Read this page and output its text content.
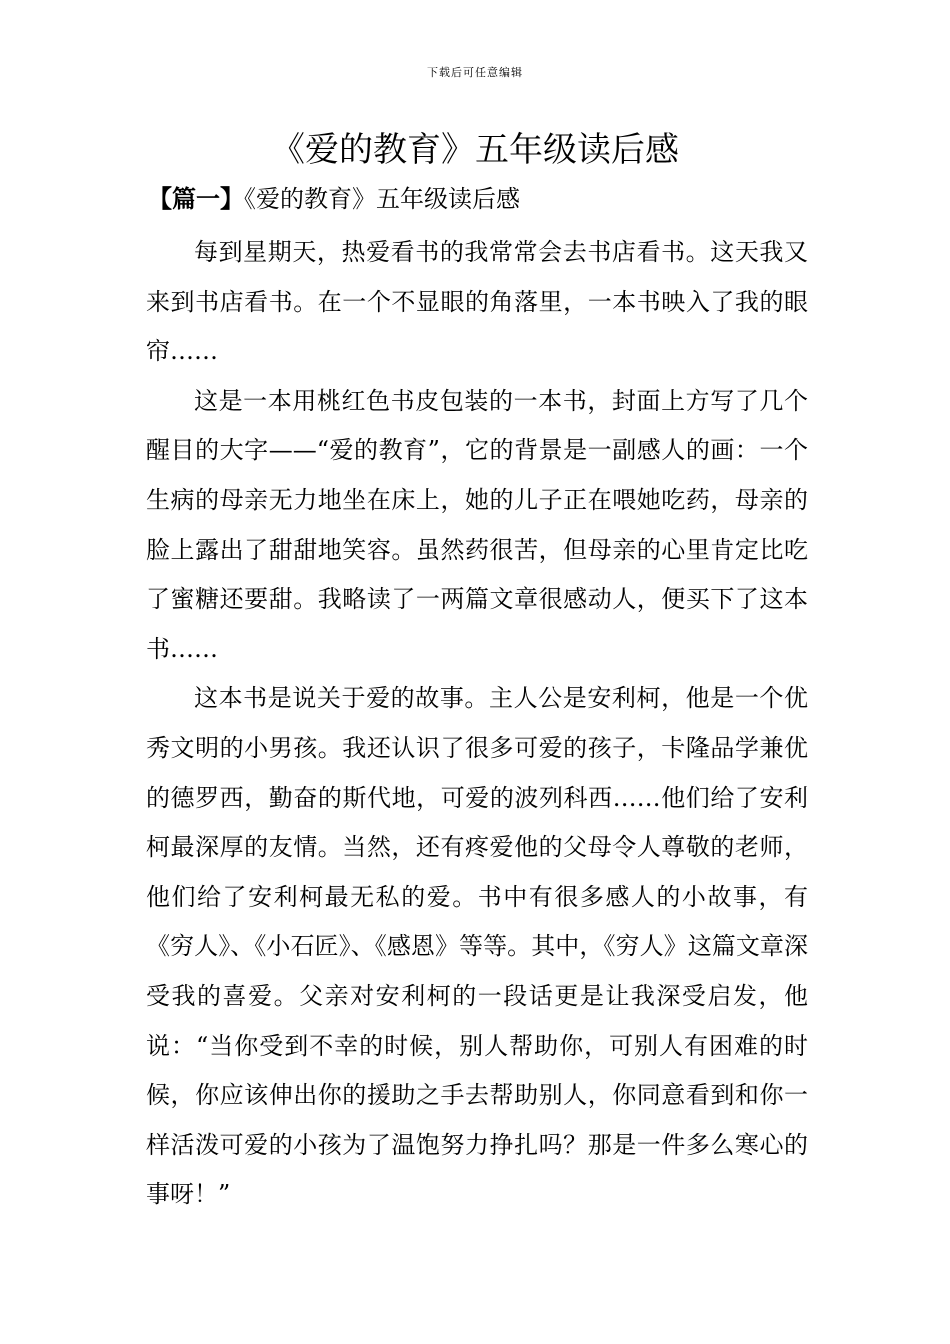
下载后可任意编辑
《爱的教育》五年级读后感
【篇一】《爱的教育》五年级读后感

每到星期天，热爱看书的我常常会去书店看书。这天我又来到书店看书。在一个不显眼的角落里，一本书映入了我的眼帘……

这是一本用桃红色书皮包装的一本书，封面上方写了几个醒目的大字——“爱的教育”，它的背景是一副感人的画：一个生病的母亲无力地坐在床上，她的儿子正在喂她吃药，母亲的脸上露出了甜甜地笑容。虽然药很苦，但母亲的心里肯定比吃了蜜糖还要甜。我略读了一两篇文章很感动人，便买下了这本书……

这本书是说关于爱的故事。主人公是安利柯，他是一个优秀文明的小男孩。我还认识了很多可爱的孩子，卡隆品学兼优的德罗西，勤奋的斯代地，可爱的波列科西……他们给了安利柯最深厚的友情。当然，还有疼爱他的父母令人尊敬的老师，他们给了安利柯最无私的爱。书中有很多感人的小故事，有《穷人》、《小石匠》、《感恩》等等。其中，《穷人》这篇文章深受我的喜爱。父亲对安利柯的一段话更是让我深受启发，他说：“当你受到不幸的时候，别人帮助你，可别人有困难的时候，你应该伸出你的援助之手去帮助别人，你同意看到和你一样活泼可爱的小孩为了温饱努力挣扎吗？那是一件多么寒心的事呀！”
